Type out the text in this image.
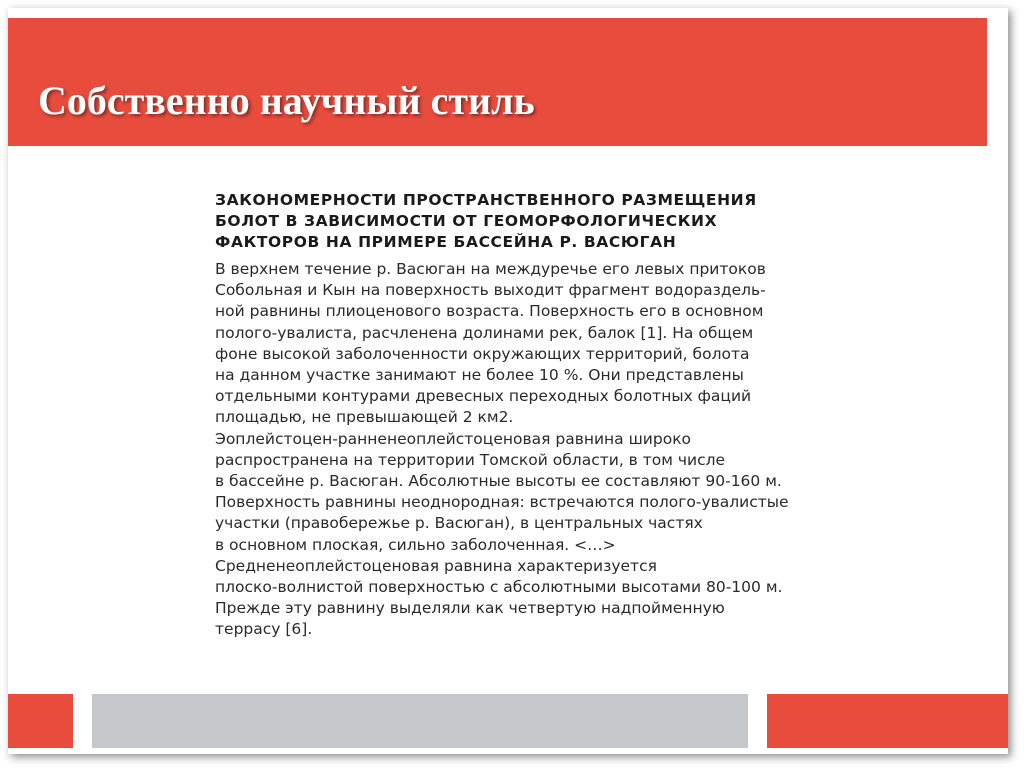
Собственно научный стиль
ЗАКОНОМЕРНОСТИ ПРОСТРАНСТВЕННОГО РАЗМЕЩЕНИЯ
БОЛОТ В ЗАВИСИМОСТИ ОТ ГЕОМОРФОЛОГИЧЕСКИХ
ФАКТОРОВ НА ПРИМЕРЕ БАССЕЙНА Р. ВАСЮГАН

В верхнем течение р. Васюган на междуречье его левых притоков
Собольная и Кын на поверхность выходит фрагмент водораздель-
ной равнины плиоценового возраста. Поверхность его в основном
полого-увалиста, расчленена долинами рек, балок [1]. На общем
фоне высокой заболоченности окружающих территорий, болота
на данном участке занимают не более 10 %. Они представлены
отдельными контурами древесных переходных болотных фаций
площадью, не превышающей 2 км2.
Эоплейстоцен-ранненеоплейстоценовая равнина широко
распространена на территории Томской области, в том числе
в бассейне р. Васюган. Абсолютные высоты ее составляют 90-160 м.
Поверхность равнины неоднородная: встречаются полого-увалистые
участки (правобережье р. Васюган), в центральных частях
в основном плоская, сильно заболоченная. <…>
Средненеоплейстоценовая равнина характеризуется
плоско-волнистой поверхностью с абсолютными высотами 80-100 м.
Прежде эту равнину выделяли как четвертую надпойменную
террасу [6].
